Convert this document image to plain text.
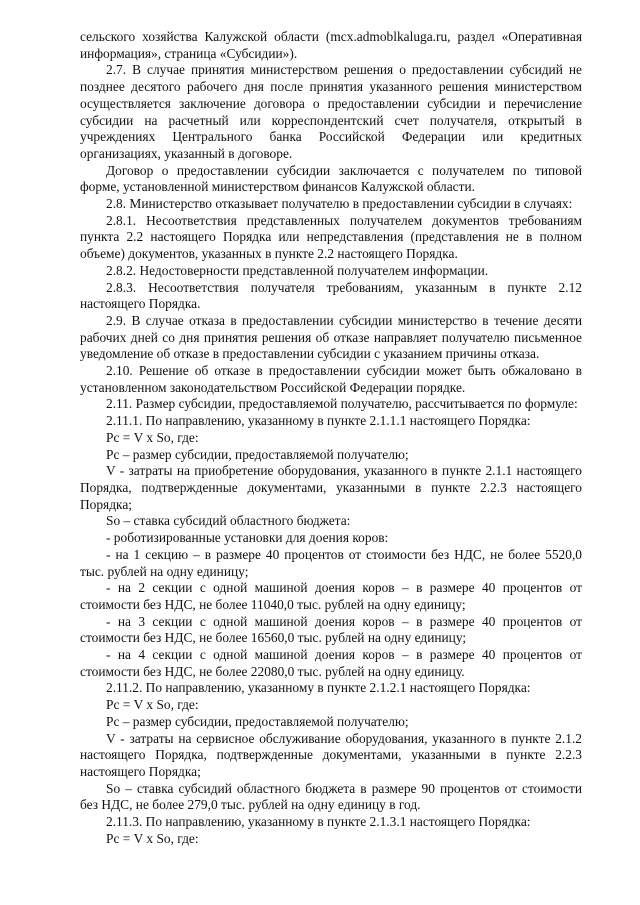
сельского хозяйства Калужской области (mcx.admoblkaluga.ru, раздел «Оперативная информация», страница «Субсидии»).

2.7. В случае принятия министерством решения о предоставлении субсидий не позднее десятого рабочего дня после принятия указанного решения министерством осуществляется заключение договора о предоставлении субсидии и перечисление субсидии на расчетный или корреспондентский счет получателя, открытый в учреждениях Центрального банка Российской Федерации или кредитных организациях, указанный в договоре.

Договор о предоставлении субсидии заключается с получателем по типовой форме, установленной министерством финансов Калужской области.

2.8. Министерство отказывает получателю в предоставлении субсидии в случаях:

2.8.1. Несоответствия представленных получателем документов требованиям пункта 2.2 настоящего Порядка или непредставления (представления не в полном объеме) документов, указанных в пункте 2.2 настоящего Порядка.

2.8.2. Недостоверности представленной получателем информации.

2.8.3. Несоответствия получателя требованиям, указанным в пункте 2.12 настоящего Порядка.

2.9. В случае отказа в предоставлении субсидии министерство в течение десяти рабочих дней со дня принятия решения об отказе направляет получателю письменное уведомление об отказе в предоставлении субсидии с указанием причины отказа.

2.10. Решение об отказе в предоставлении субсидии может быть обжаловано в установленном законодательством Российской Федерации порядке.

2.11. Размер субсидии, предоставляемой получателю, рассчитывается по формуле:

2.11.1. По направлению, указанному в пункте 2.1.1.1 настоящего Порядка:

Рс = V x So, где:

Рс – размер субсидии, предоставляемой получателю;

V - затраты на приобретение оборудования, указанного в пункте 2.1.1 настоящего Порядка, подтвержденные документами, указанными в пункте 2.2.3 настоящего Порядка;

So – ставка субсидий областного бюджета:

- роботизированные установки для доения коров:

- на 1 секцию – в размере 40 процентов от стоимости без НДС, не более 5520,0 тыс. рублей на одну единицу;

- на 2 секции с одной машиной доения коров – в размере 40 процентов от стоимости без НДС, не более 11040,0 тыс. рублей на одну единицу;

- на 3 секции с одной машиной доения коров – в размере 40 процентов от стоимости без НДС, не более 16560,0 тыс. рублей на одну единицу;

- на 4 секции с одной машиной доения коров – в размере 40 процентов от стоимости без НДС, не более 22080,0 тыс. рублей на одну единицу.

2.11.2. По направлению, указанному в пункте 2.1.2.1 настоящего Порядка:

Рс = V x So, где:

Рс – размер субсидии, предоставляемой получателю;

V - затраты на сервисное обслуживание оборудования, указанного в пункте 2.1.2 настоящего Порядка, подтвержденные документами, указанными в пункте 2.2.3 настоящего Порядка;

So – ставка субсидий областного бюджета в размере 90 процентов от стоимости без НДС, не более 279,0 тыс. рублей на одну единицу в год.

2.11.3. По направлению, указанному в пункте 2.1.3.1 настоящего Порядка:

Рс = V x So, где:
